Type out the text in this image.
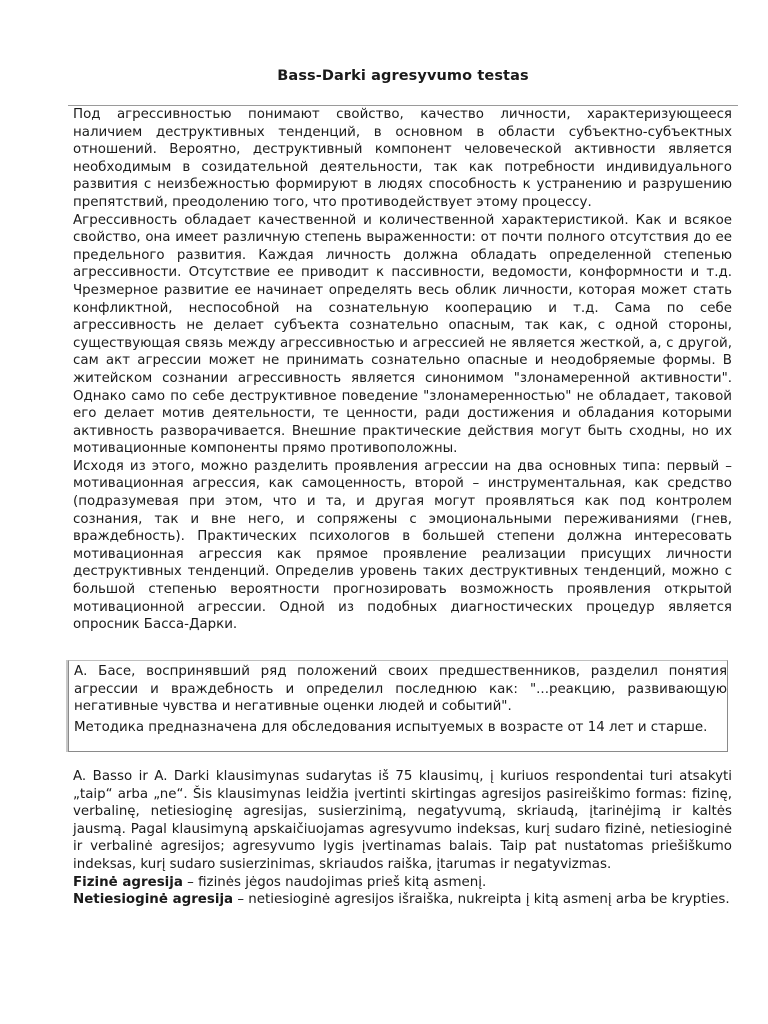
Bass-Darki agresyvumo testas

Под агрессивностью понимают свойство, качество личности, характеризующееся наличием деструктивных тенденций, в основном в области субъектно-субъектных отношений. Вероятно, деструктивный компонент человеческой активности является необходимым в созидательной деятельности, так как потребности индивидуального развития с неизбежностью формируют в людях способность к устранению и разрушению препятствий, преодолению того, что противодействует этому процессу.

Агрессивность обладает качественной и количественной характеристикой. Как и всякое свойство, она имеет различную степень выраженности: от почти полного отсутствия до ее предельного развития. Каждая личность должна обладать определенной степенью агрессивности. Отсутствие ее приводит к пассивности, ведомости, конформности и т.д. Чрезмерное развитие ее начинает определять весь облик личности, которая может стать конфликтной, неспособной на сознательную кооперацию и т.д. Сама по себе агрессивность не делает субъекта сознательно опасным, так как, с одной стороны, существующая связь между агрессивностью и агрессией не является жесткой, а, с другой, сам акт агрессии может не принимать сознательно опасные и неодобряемые формы. В житейском сознании агрессивность является синонимом "злонамеренной активности". Однако само по себе деструктивное поведение "злонамеренностью" не обладает, таковой его делает мотив деятельности, те ценности, ради достижения и обладания которыми активность разворачивается. Внешние практические действия могут быть сходны, но их мотивационные компоненты прямо противоположны.

Исходя из этого, можно разделить проявления агрессии на два основных типа: первый – мотивационная агрессия, как самоценность, второй – инструментальная, как средство (подразумевая при этом, что и та, и другая могут проявляться как под контролем сознания, так и вне него, и сопряжены с эмоциональными переживаниями (гнев, враждебность). Практических психологов в большей степени должна интересовать мотивационная агрессия как прямое проявление реализации присущих личности деструктивных тенденций. Определив уровень таких деструктивных тенденций, можно с большой степенью вероятности прогнозировать возможность проявления открытой мотивационной агрессии. Одной из подобных диагностических процедур является опросник Басса-Дарки.

А. Басе, воспринявший ряд положений своих предшественников, разделил понятия агрессии и враждебность и определил последнюю как: "...реакцию, развивающую негативные чувства и негативные оценки людей и событий".

Методика предназначена для обследования испытуемых в возрасте от 14 лет и старше.

A. Basso ir A. Darki klausimynas sudarytas iš 75 klausimų, į kuriuos respondentai turi atsakyti „taip“ arba „ne“. Šis klausimynas leidžia įvertinti skirtingas agresijos pasireiškimo formas: fizinę, verbalinę, netiesioginę agresijas, susierzinimą, negatyvumą, skriaudą, įtarinėjimą ir kaltės jausmą. Pagal klausimyną apskaičiuojamas agresyvumo indeksas, kurį sudaro fizinė, netiesioginė ir verbalinė agresijos; agresyvumo lygis įvertinamas balais. Taip pat nustatomas priešiškumo indeksas, kurį sudaro susierzinimas, skriaudos raiška, įtarumas ir negatyvizmas.

Fizinė agresija – fizinės jėgos naudojimas prieš kitą asmenį.

Netiesioginė agresija – netiesioginė agresijos išraiška, nukreipta į kitą asmenį arba be krypties.
